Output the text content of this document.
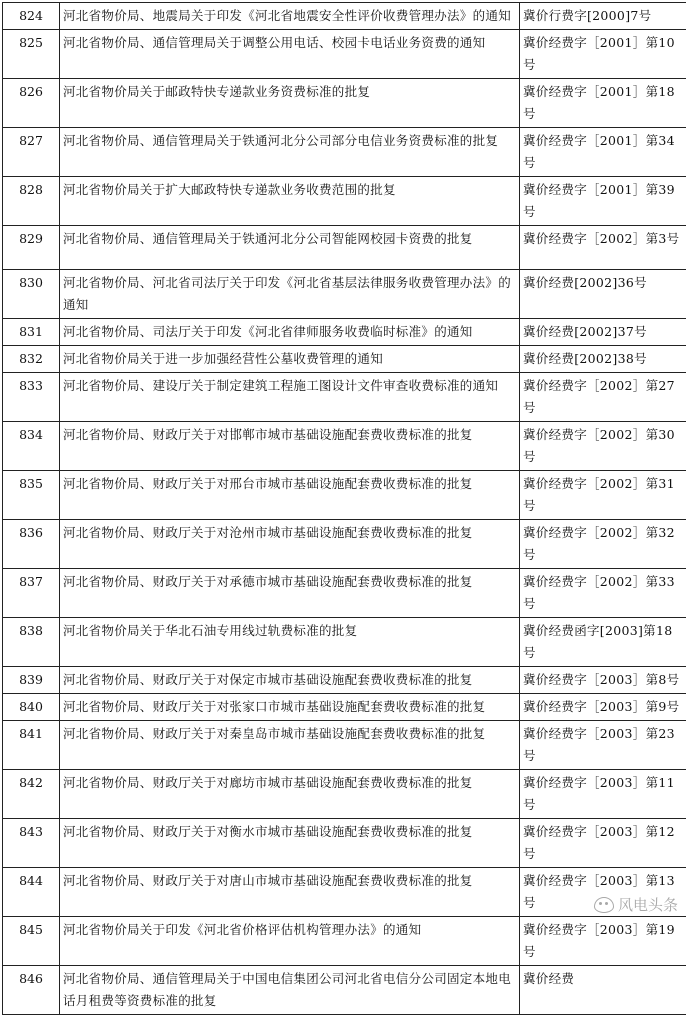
824	河北省物价局、地震局关于印发《河北省地震安全性评价收费管理办法》的通知	冀价行费字[2000]7号
825	河北省物价局、通信管理局关于调整公用电话、校园卡电话业务资费的通知	冀价经费字［2001］第10号
826	河北省物价局关于邮政特快专递款业务资费标准的批复	冀价经费字［2001］第18号
827	河北省物价局、通信管理局关于铁通河北分公司部分电信业务资费标准的批复	冀价经费字［2001］第34号
828	河北省物价局关于扩大邮政特快专递款业务收费范围的批复	冀价经费字［2001］第39号
829	河北省物价局、通信管理局关于铁通河北分公司智能网校园卡资费的批复	冀价经费字［2002］第3号
830	河北省物价局、河北省司法厅关于印发《河北省基层法律服务收费管理办法》的通知	冀价经费[2002]36号
831	河北省物价局、司法厅关于印发《河北省律师服务收费临时标准》的通知	冀价经费[2002]37号
832	河北省物价局关于进一步加强经营性公墓收费管理的通知	冀价经费[2002]38号
833	河北省物价局、建设厅关于制定建筑工程施工图设计文件审查收费标准的通知	冀价经费字［2002］第27号
834	河北省物价局、财政厅关于对邯郸市城市基础设施配套费收费标准的批复	冀价经费字［2002］第30号
835	河北省物价局、财政厅关于对邢台市城市基础设施配套费收费标准的批复	冀价经费字［2002］第31号
836	河北省物价局、财政厅关于对沧州市城市基础设施配套费收费标准的批复	冀价经费字［2002］第32号
837	河北省物价局、财政厅关于对承德市城市基础设施配套费收费标准的批复	冀价经费字［2002］第33号
838	河北省物价局关于华北石油专用线过轨费标准的批复	冀价经费函字[2003]第18号
839	河北省物价局、财政厅关于对保定市城市基础设施配套费收费标准的批复	冀价经费字［2003］第8号
840	河北省物价局、财政厅关于对张家口市城市基础设施配套费收费标准的批复	冀价经费字［2003］第9号
841	河北省物价局、财政厅关于对秦皇岛市城市基础设施配套费收费标准的批复	冀价经费字［2003］第23号
842	河北省物价局、财政厅关于对廊坊市城市基础设施配套费收费标准的批复	冀价经费字［2003］第11号
843	河北省物价局、财政厅关于对衡水市城市基础设施配套费收费标准的批复	冀价经费字［2003］第12号
844	河北省物价局、财政厅关于对唐山市城市基础设施配套费收费标准的批复	冀价经费字［2003］第13号
845	河北省物价局关于印发《河北省价格评估机构管理办法》的通知	冀价经费字［2003］第19号
846	河北省物价局、通信管理局关于中国电信集团公司河北省电信分公司固定本地电话月租费等资费标准的批复	冀价经费
风电头条
